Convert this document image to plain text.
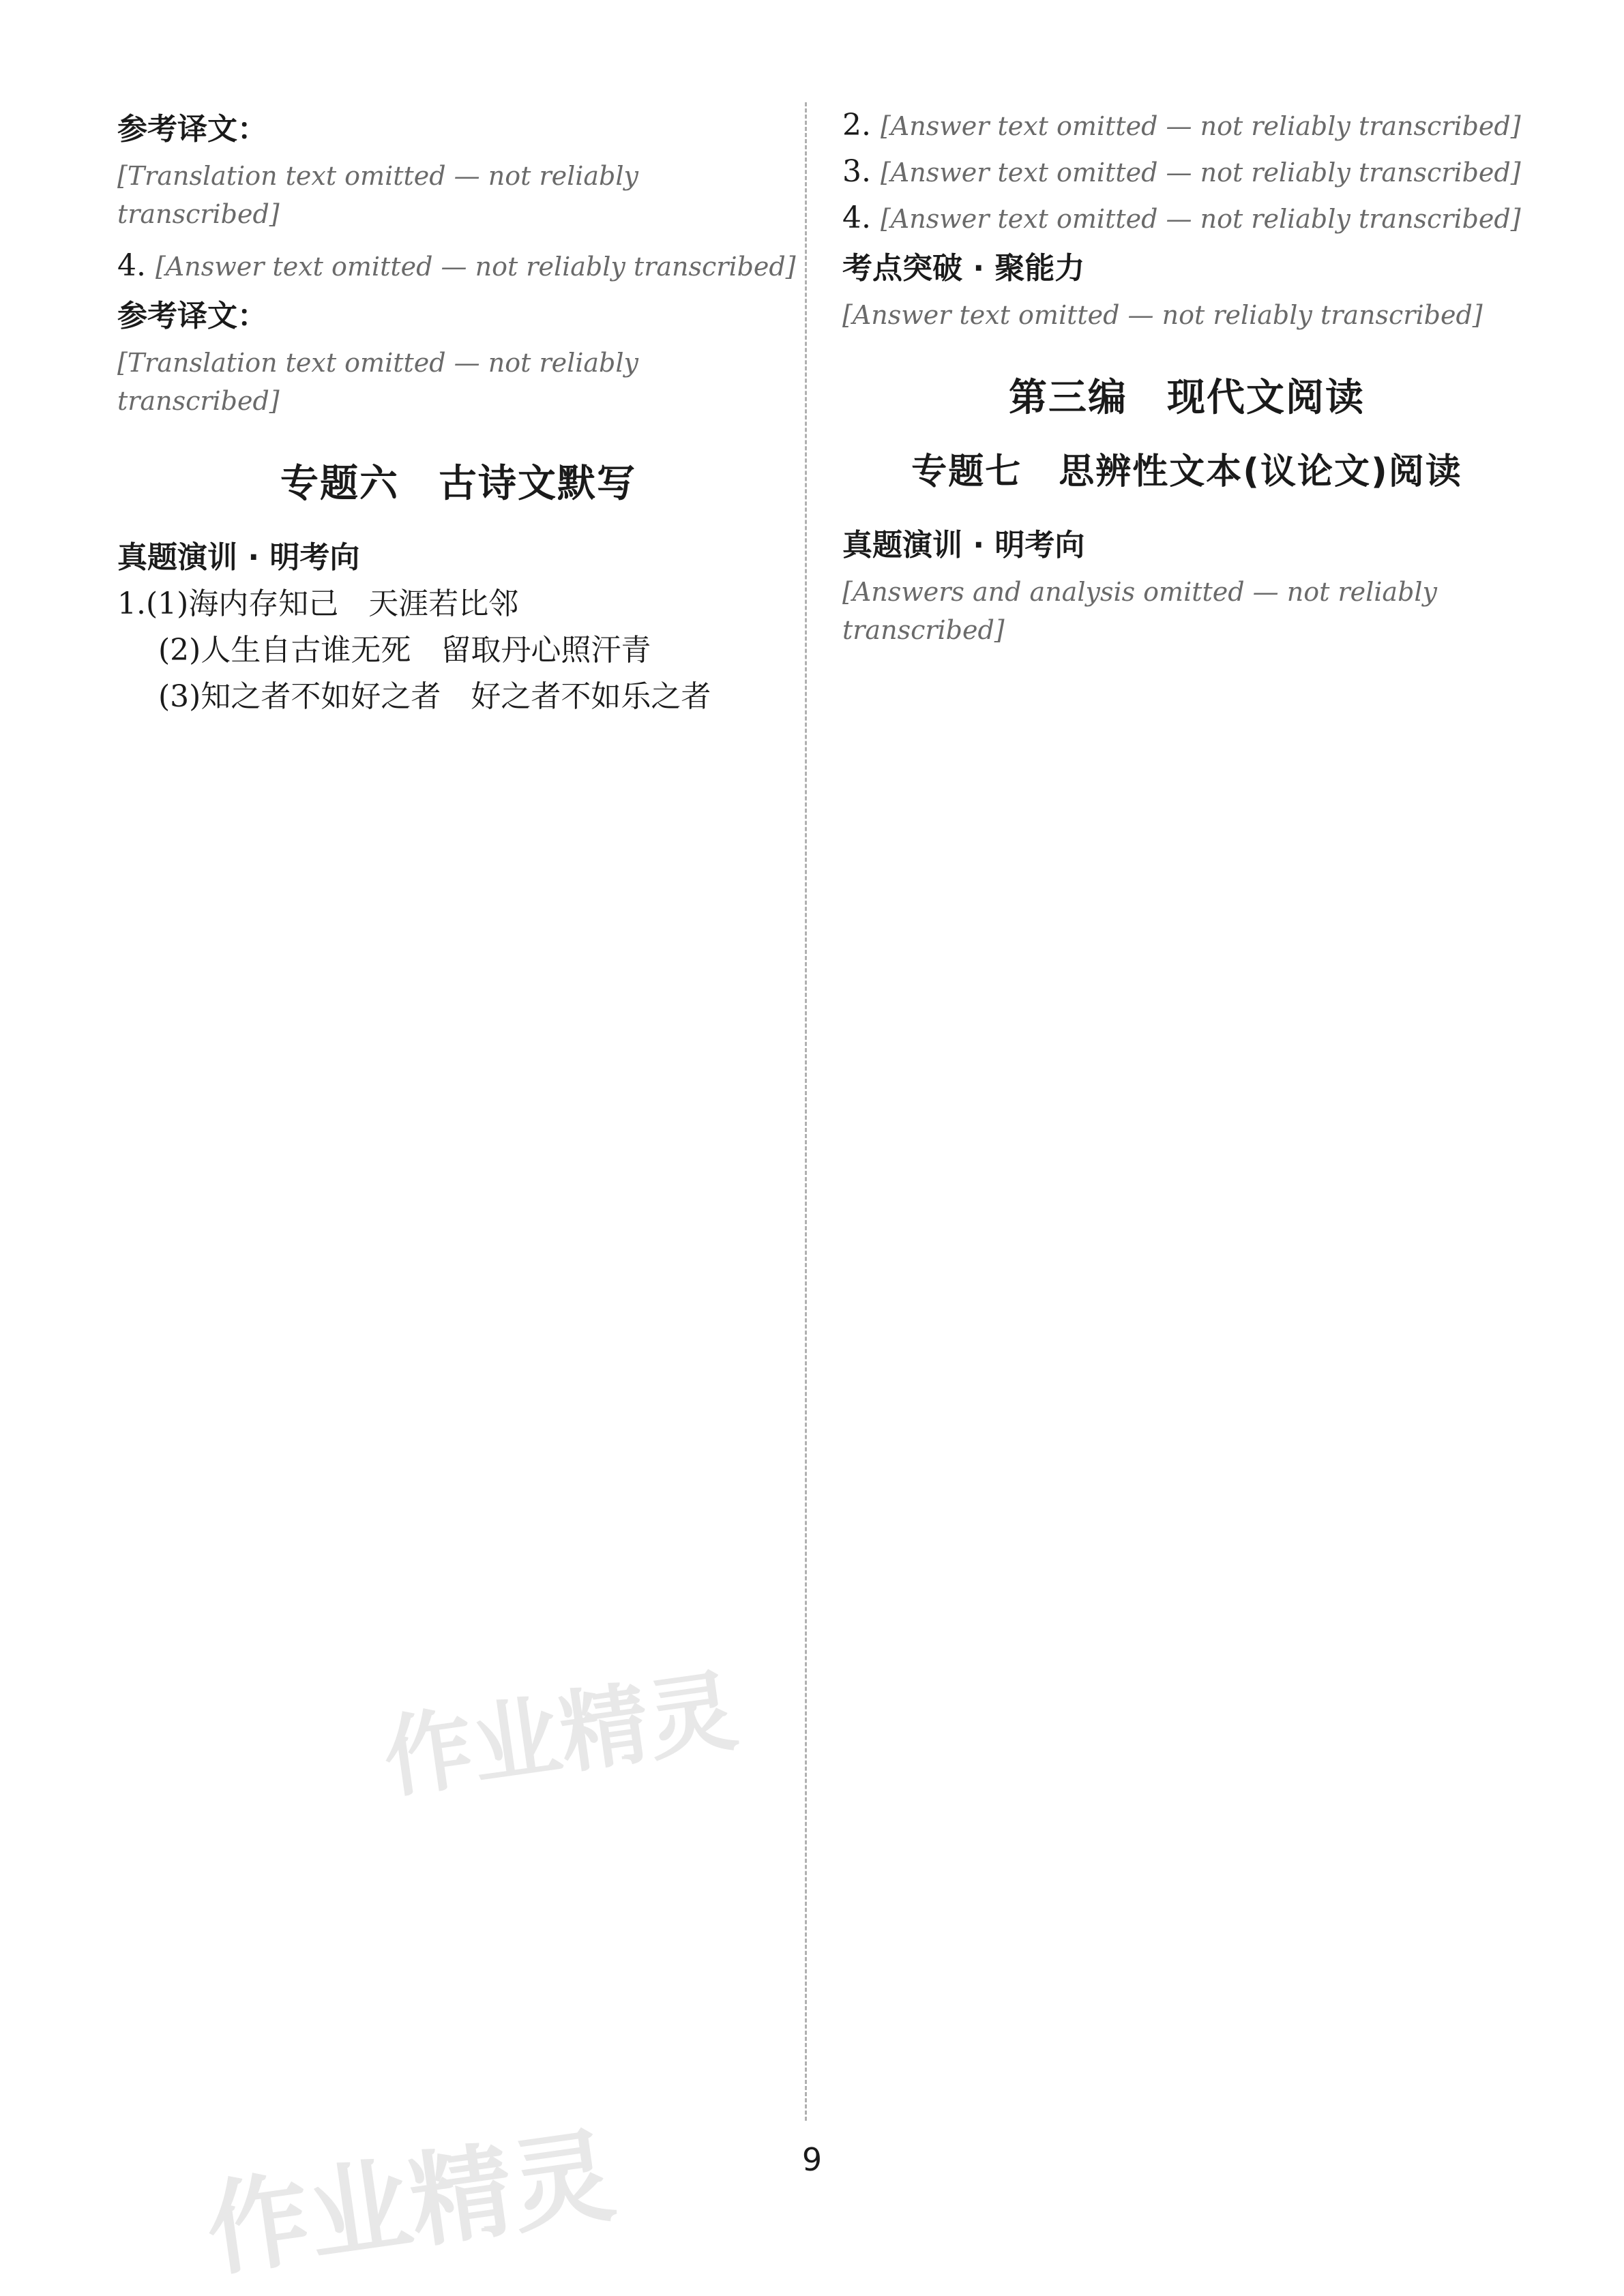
参考译文：
[Translation text omitted — not reliably transcribed]
4. [Answer text omitted — not reliably transcribed]
参考译文：
[Translation text omitted — not reliably transcribed]
专题六　古诗文默写
真题演训 · 明考向
1.(1)海内存知己　天涯若比邻
(2)人生自古谁无死　留取丹心照汗青
(3)知之者不如好之者　好之者不如乐之者
2. [Answer text omitted — not reliably transcribed]
3. [Answer text omitted — not reliably transcribed]
4. [Answer text omitted — not reliably transcribed]
考点突破 · 聚能力
[Answer text omitted — not reliably transcribed]
第三编　现代文阅读
专题七　思辨性文本(议论文)阅读
真题演训 · 明考向
[Answers and analysis omitted — not reliably transcribed]
作业精灵
作业精灵	9
